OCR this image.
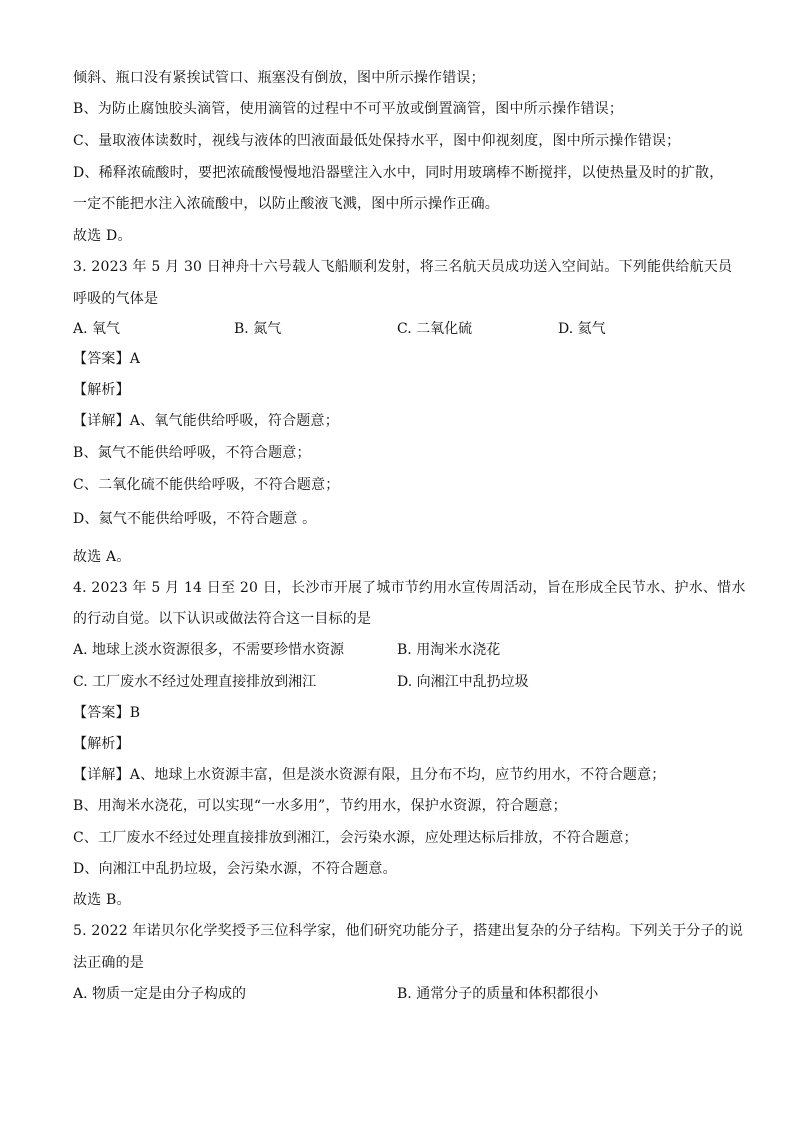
倾斜、瓶口没有紧挨试管口、瓶塞没有倒放，图中所示操作错误；
B、为防止腐蚀胶头滴管，使用滴管的过程中不可平放或倒置滴管，图中所示操作错误；
C、量取液体读数时，视线与液体的凹液面最低处保持水平，图中仰视刻度，图中所示操作错误；
D、稀释浓硫酸时，要把浓硫酸慢慢地沿器壁注入水中，同时用玻璃棒不断搅拌，以使热量及时的扩散，
一定不能把水注入浓硫酸中，以防止酸液飞溅，图中所示操作正确。
故选 D。
3. 2023 年 5 月 30 日神舟十六号载人飞船顺利发射，将三名航天员成功送入空间站。下列能供给航天员
呼吸的气体是
A. 氧气	B. 氮气	C. 二氧化硫	D. 氦气
【答案】A
【解析】
【详解】A、氧气能供给呼吸，符合题意；
B、氮气不能供给呼吸，不符合题意；
C、二氧化硫不能供给呼吸，不符合题意；
D、氦气不能供给呼吸，不符合题意 。
故选 A。
4. 2023 年 5 月 14 日至 20 日，长沙市开展了城市节约用水宣传周活动，旨在形成全民节水、护水、惜水
的行动自觉。以下认识或做法符合这一目标的是
A. 地球上淡水资源很多，不需要珍惜水资源	B. 用淘米水浇花
C. 工厂废水不经过处理直接排放到湘江	D. 向湘江中乱扔垃圾
【答案】B
【解析】
【详解】A、地球上水资源丰富，但是淡水资源有限，且分布不均，应节约用水，不符合题意；
B、用淘米水浇花，可以实现“一水多用”，节约用水，保护水资源，符合题意；
C、工厂废水不经过处理直接排放到湘江，会污染水源，应处理达标后排放，不符合题意；
D、向湘江中乱扔垃圾，会污染水源，不符合题意。
故选 B。
5. 2022 年诺贝尔化学奖授予三位科学家，他们研究功能分子，搭建出复杂的分子结构。下列关于分子的说
法正确的是
A. 物质一定是由分子构成的	B. 通常分子的质量和体积都很小
